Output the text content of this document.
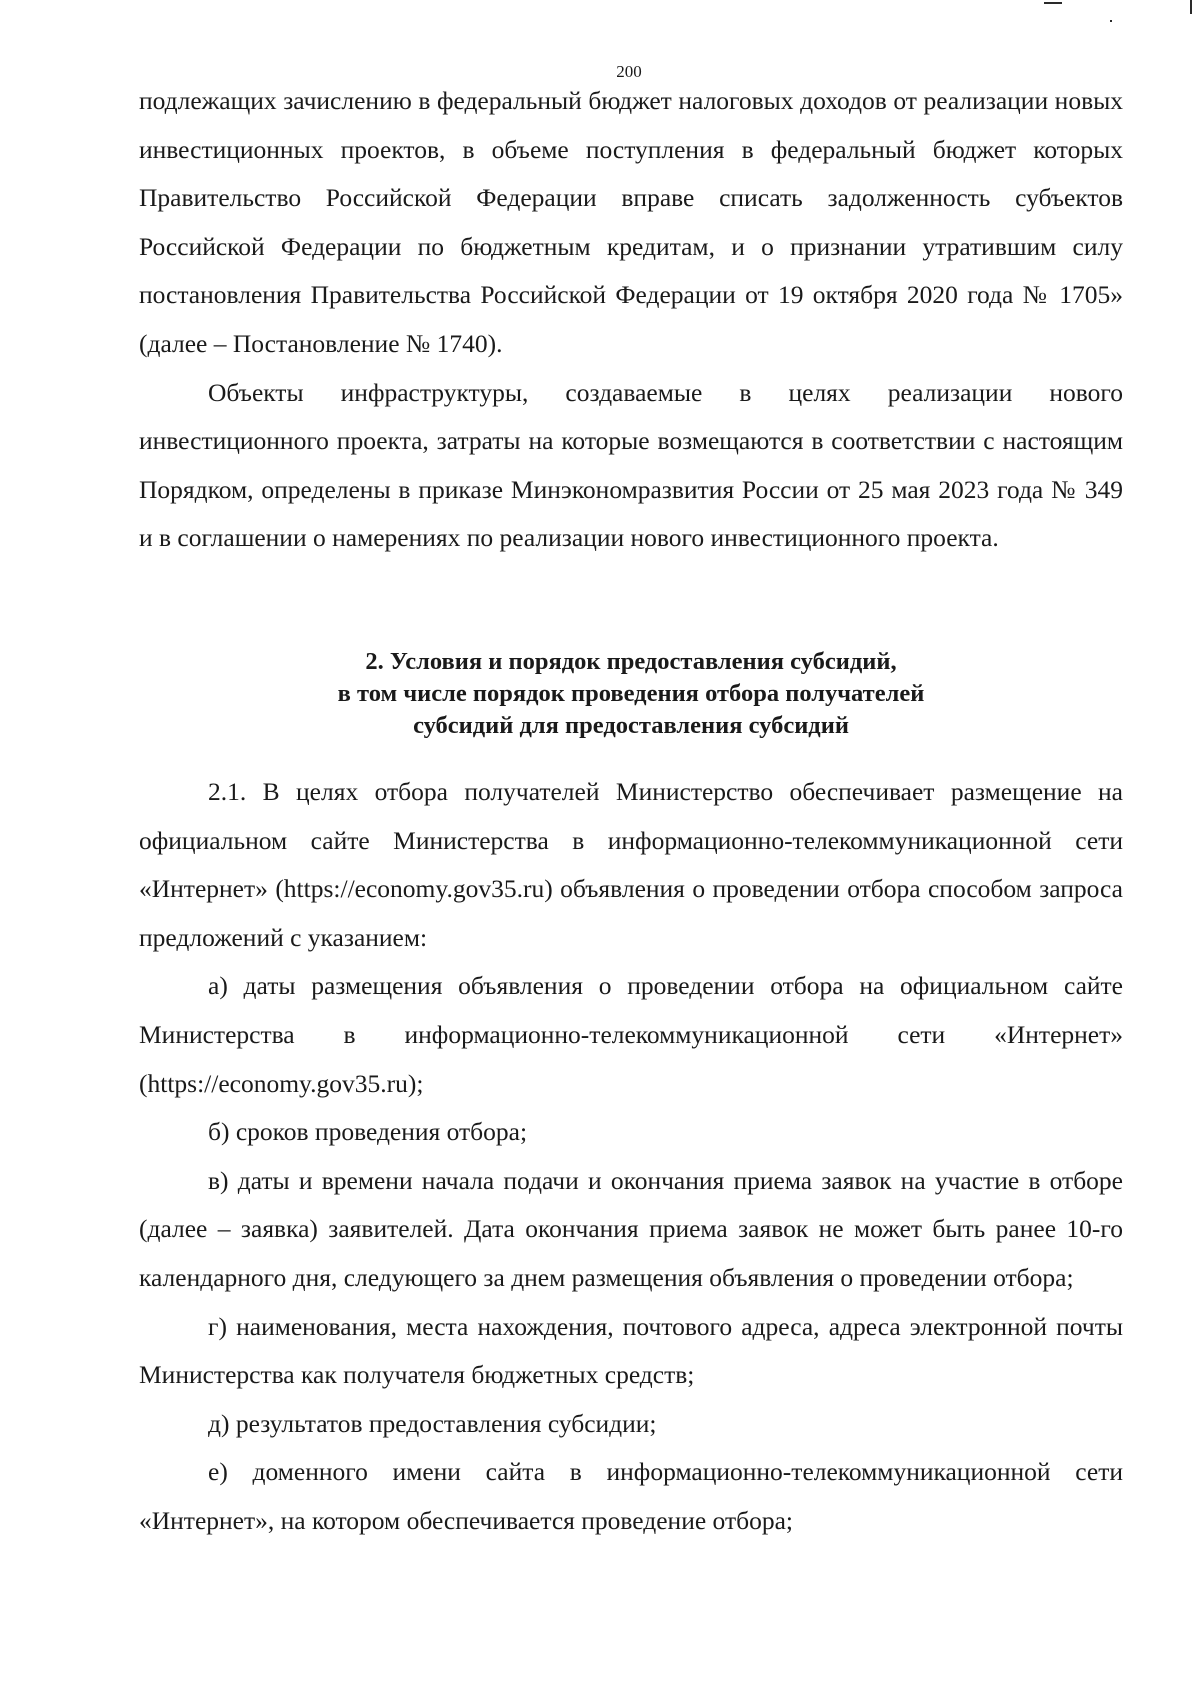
200

подлежащих зачислению в федеральный бюджет налоговых доходов от реализации новых инвестиционных проектов, в объеме поступления в федеральный бюджет которых Правительство Российской Федерации вправе списать задолженность субъектов Российской Федерации по бюджетным кредитам, и о признании утратившим силу постановления Правительства Российской Федерации от 19 октября 2020 года № 1705» (далее – Постановление № 1740).

Объекты инфраструктуры, создаваемые в целях реализации нового инвестиционного проекта, затраты на которые возмещаются в соответствии с настоящим Порядком, определены в приказе Минэкономразвития России от 25 мая 2023 года № 349 и в соглашении о намерениях по реализации нового инвестиционного проекта.

2. Условия и порядок предоставления субсидий,
в том числе порядок проведения отбора получателей
субсидий для предоставления субсидий

2.1. В целях отбора получателей Министерство обеспечивает размещение на официальном сайте Министерства в информационно-телекоммуникационной сети «Интернет» (https://economy.gov35.ru) объявления о проведении отбора способом запроса предложений с указанием:

а) даты размещения объявления о проведении отбора на официальном сайте Министерства в информационно-телекоммуникационной сети «Интернет» (https://economy.gov35.ru);

б) сроков проведения отбора;

в) даты и времени начала подачи и окончания приема заявок на участие в отборе (далее – заявка) заявителей. Дата окончания приема заявок не может быть ранее 10-го календарного дня, следующего за днем размещения объявления о проведении отбора;

г) наименования, места нахождения, почтового адреса, адреса электронной почты Министерства как получателя бюджетных средств;

д) результатов предоставления субсидии;

е) доменного имени сайта в информационно-телекоммуникационной сети «Интернет», на котором обеспечивается проведение отбора;
